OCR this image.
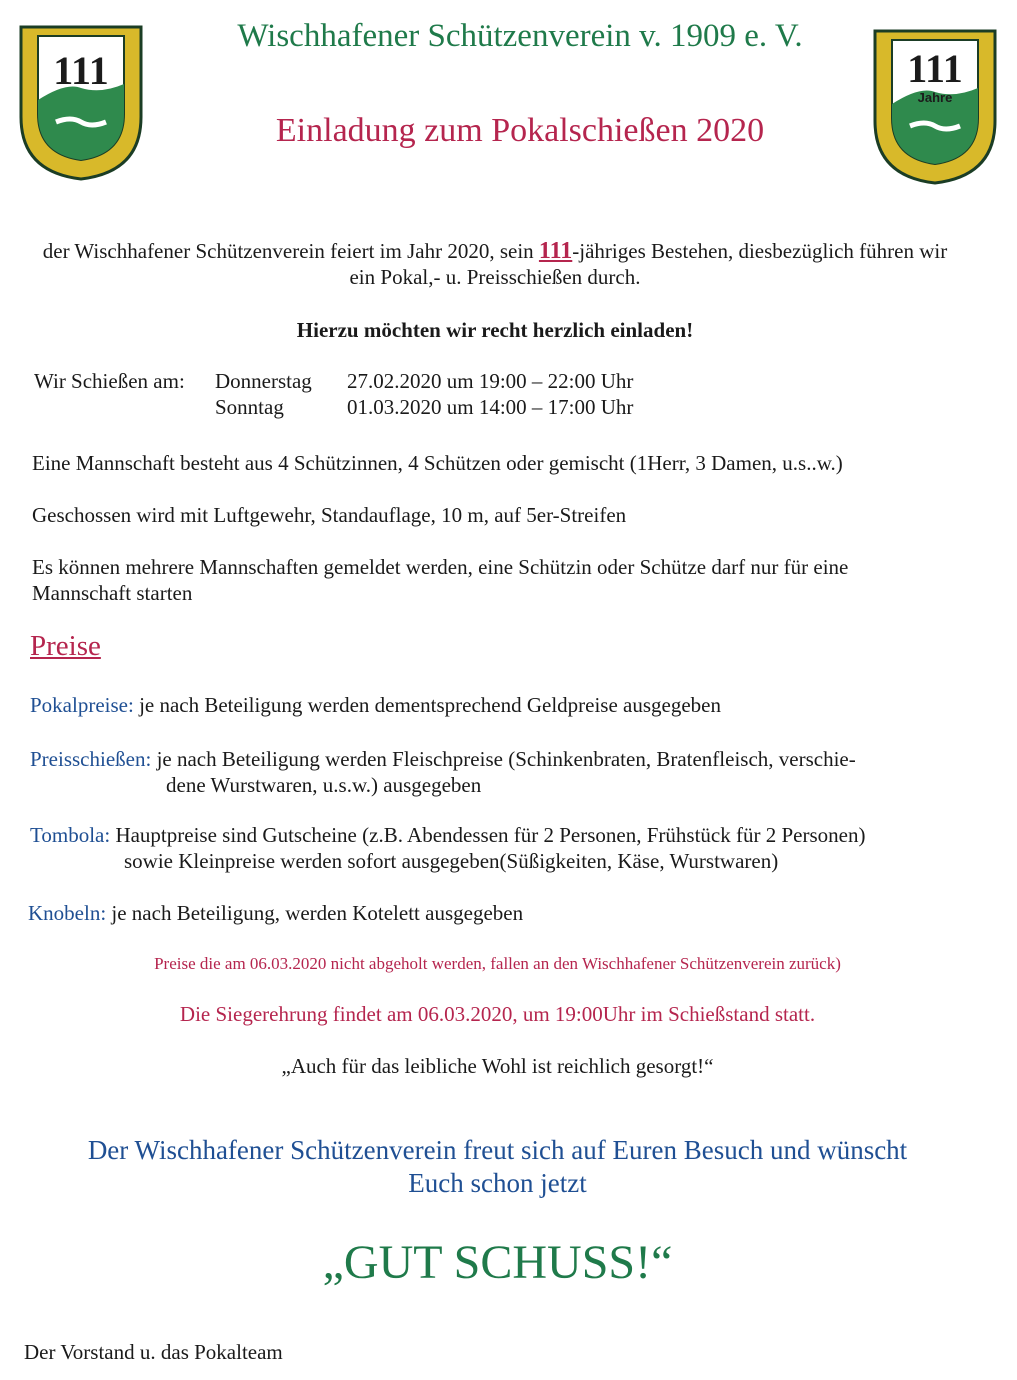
111	111
Jahre
Wischhafener Schützenverein v. 1909 e. V.
Einladung zum Pokalschießen 2020
der Wischhafener Schützenverein feiert im Jahr 2020, sein 111-jähriges Bestehen, diesbezüglich führen wir ein Pokal,- u. Preisschießen durch.
Hierzu möchten wir recht herzlich einladen!
Wir Schießen am: Donnerstag 27.02.2020 um 19:00 – 22:00 Uhr
Sonntag	01.03.2020 um 14:00 – 17:00 Uhr
Eine Mannschaft besteht aus 4 Schützinnen, 4 Schützen oder gemischt (1Herr, 3 Damen, u.s..w.)
Geschossen wird mit Luftgewehr, Standauflage, 10 m, auf 5er-Streifen
Es können mehrere Mannschaften gemeldet werden, eine Schützin oder Schütze darf nur für eine Mannschaft starten
Preise
Pokalpreise: je nach Beteiligung werden dementsprechend Geldpreise ausgegeben
Preisschießen: je nach Beteiligung werden Fleischpreise (Schinkenbraten, Bratenfleisch, verschie-
dene Wurstwaren, u.s.w.) ausgegeben
Tombola: Hauptpreise sind Gutscheine (z.B. Abendessen für 2 Personen, Frühstück für 2 Personen)
sowie Kleinpreise werden sofort ausgegeben(Süßigkeiten, Käse, Wurstwaren)
Knobeln: je nach Beteiligung, werden Kotelett ausgegeben
Preise die am 06.03.2020 nicht abgeholt werden, fallen an den Wischhafener Schützenverein zurück)
Die Siegerehrung findet am 06.03.2020, um 19:00Uhr im Schießstand statt.
„Auch für das leibliche Wohl ist reichlich gesorgt!“
Der Wischhafener Schützenverein freut sich auf Euren Besuch und wünscht
Euch schon jetzt
„GUT SCHUSS!“
Der Vorstand u. das Pokalteam
